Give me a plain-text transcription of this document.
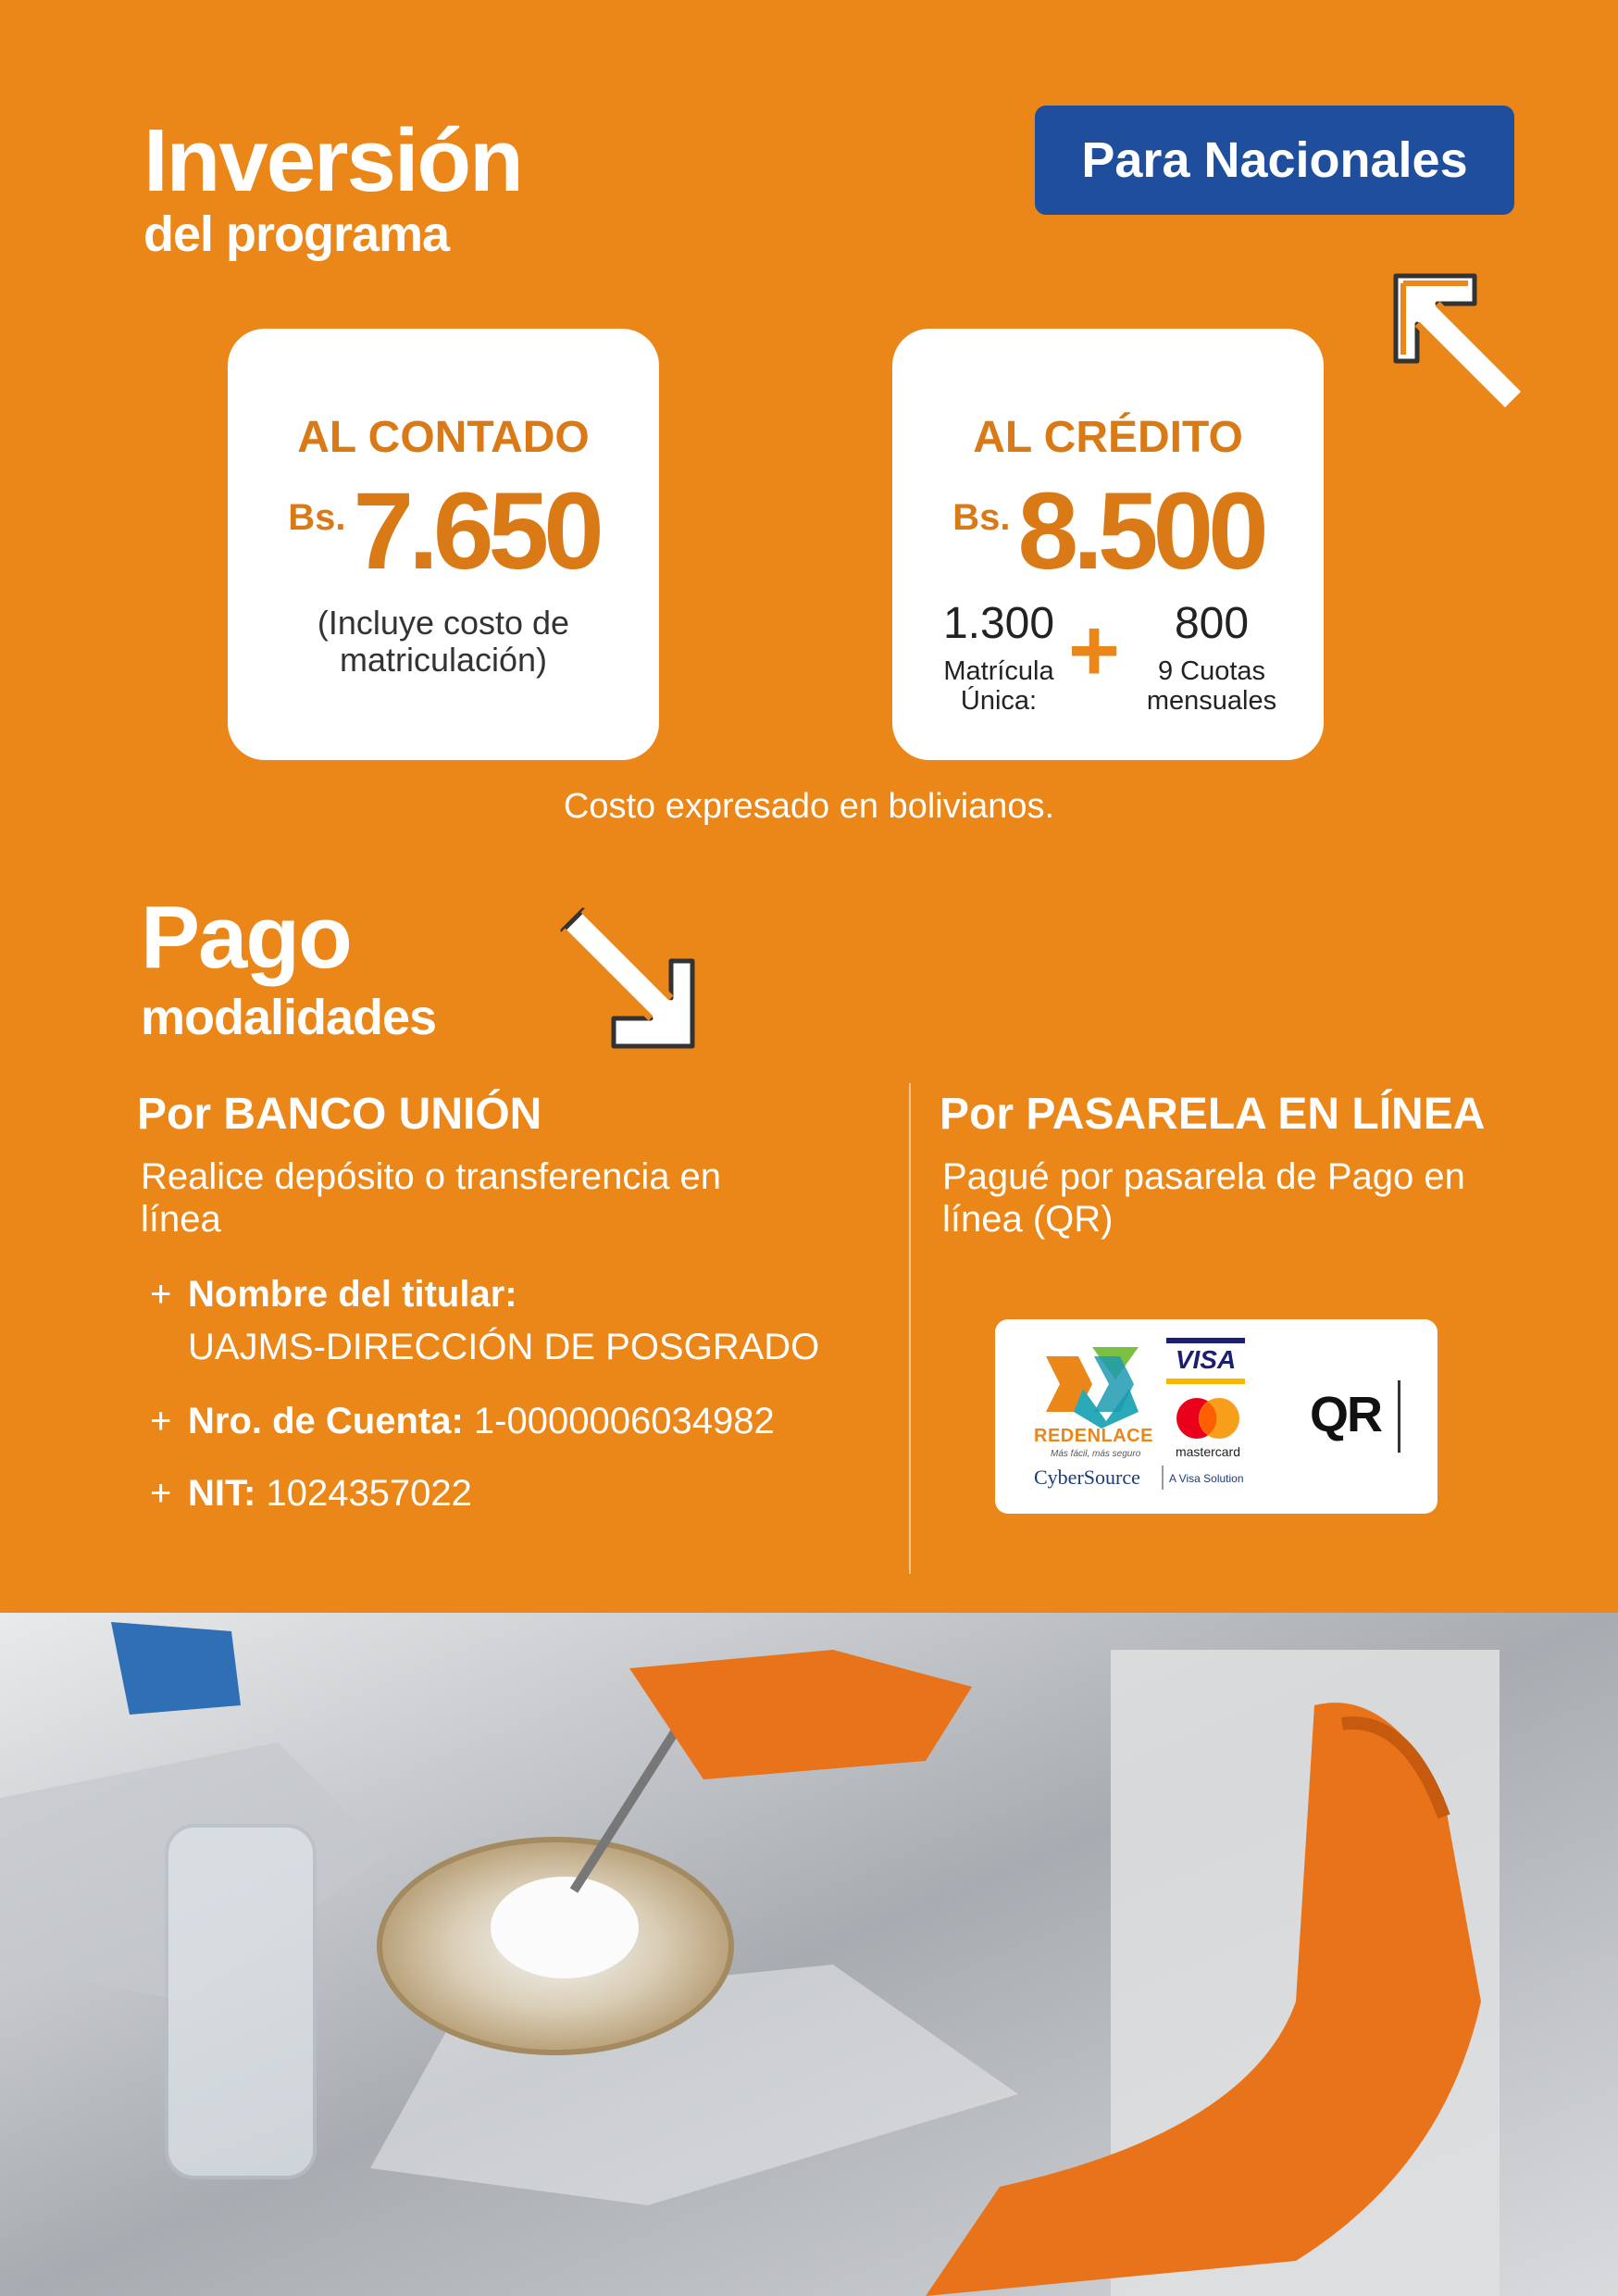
Inversión
del programa
Para Nacionales
AL CONTADO
Bs. 7.650
(Incluye costo de
matriculación)
AL CRÉDITO
Bs. 8.500
1.300
Matrícula
Única:
+	800
9 Cuotas
mensuales
Costo expresado en bolivianos.
Pago
modalidades
Por BANCO UNIÓN
Realice depósito o transferencia en
línea
+ Nombre del titular:
UAJMS-DIRECCIÓN DE POSGRADO
+ Nro. de Cuenta: 1-0000006034982
+ NIT: 1024357022
Por PASARELA EN LÍNEA
Pagué por pasarela de Pago en
línea (QR)
REDENLACE
Más fácil, más seguro
VISA
mastercard
CyberSource	A Visa Solution
QR
